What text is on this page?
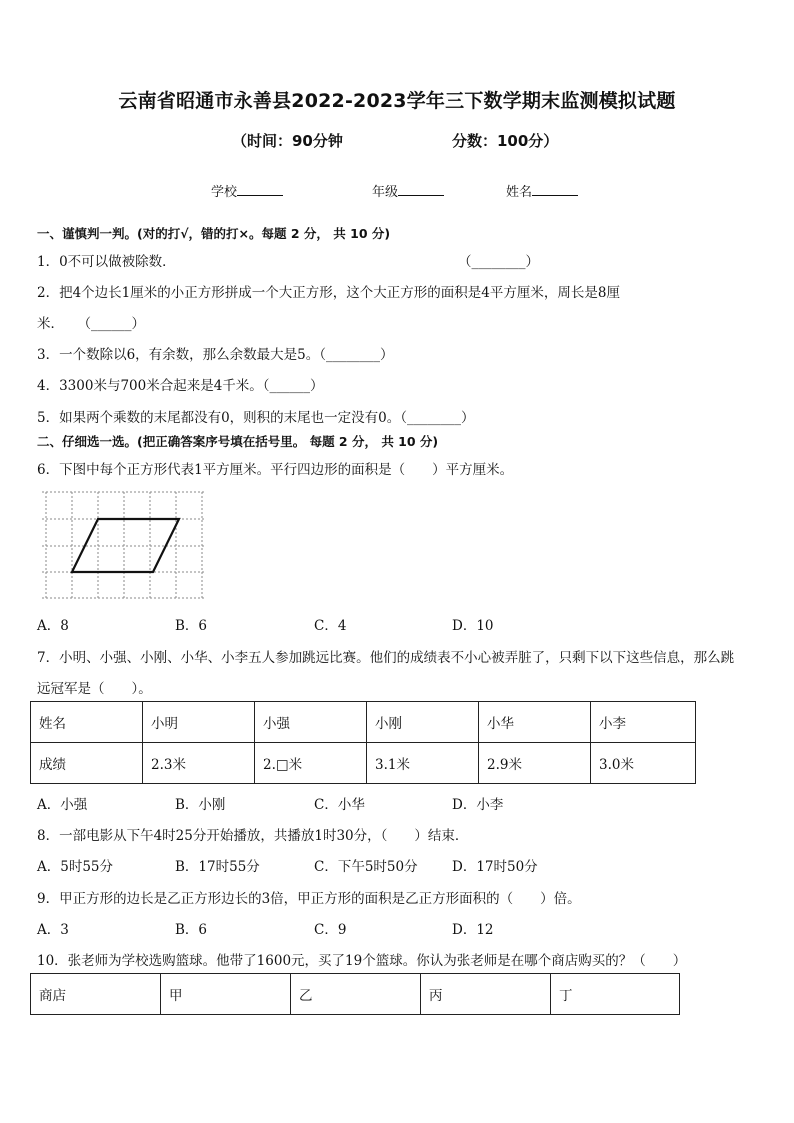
云南省昭通市永善县2022-2023学年三下数学期末监测模拟试题
（时间：90分钟	分数：100分）
学校	年级	姓名
一、谨慎判一判。(对的打√，错的打×。每题 2 分， 共 10 分)
1．0不可以做被除数．	（________）
2．把4个边长1厘米的小正方形拼成一个大正方形，这个大正方形的面积是4平方厘米，周长是8厘
米．　　（______）
3．一个数除以6，有余数，那么余数最大是5。（________）
4．3300米与700米合起来是4千米。（______）
5．如果两个乘数的末尾都没有0，则积的末尾也一定没有0。（________）
二、仔细选一选。(把正确答案序号填在括号里。 每题 2 分， 共 10 分)
6．下图中每个正方形代表1平方厘米。平行四边形的面积是（　　）平方厘米。
A．8	B．6	C．4	D．10
7．小明、小强、小刚、小华、小李五人参加跳远比赛。他们的成绩表不小心被弄脏了，只剩下以下这些信息，那么跳
远冠军是（　　）。
姓名	小明	小强	小刚	小华	小李
成绩	2.3米	2.□米	3.1米	2.9米	3.0米
A．小强	B．小刚	C．小华	D．小李
8．一部电影从下午4时25分开始播放，共播放1时30分，（　　）结束．
A．5时55分	B．17时55分	C．下午5时50分	D．17时50分
9．甲正方形的边长是乙正方形边长的3倍，甲正方形的面积是乙正方形面积的（　　）倍。
A．3	B．6	C．9	D．12
10．张老师为学校选购篮球。他带了1600元，买了19个篮球。你认为张老师是在哪个商店购买的？（　　）
商店	甲	乙	丙	丁
